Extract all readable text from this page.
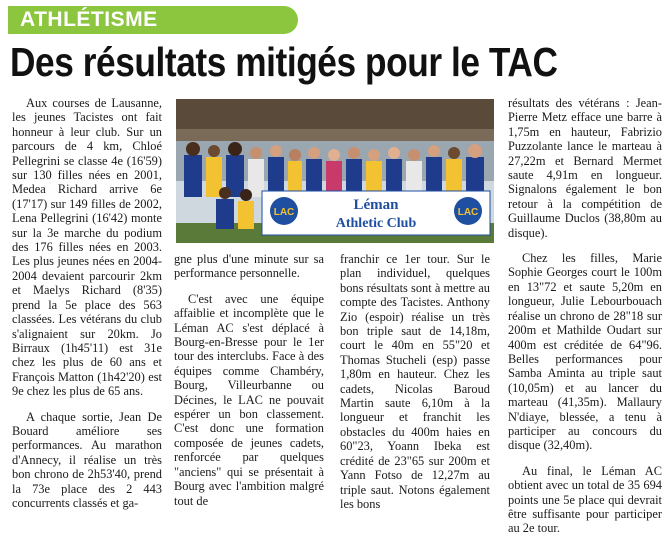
ATHLÉTISME
Des résultats mitigés pour le TAC

Aux courses de Lausanne, les jeunes Tacistes ont fait honneur à leur club. Sur un parcours de 4 km, Chloé Pellegrini se classe 4e (16'59) sur 130 filles nées en 2001, Medea Richard arrive 6e (17'17) sur 149 filles de 2002, Lena Pellegrini (16'42) monte sur la 3e marche du podium des 176 filles nées en 2003. Les plus jeunes nées en 2004-2004 devaient parcourir 2km et Maelys Richard (8'35) prend la 5e place des 563 classées. Les vétérans du club s'alignaient sur 20km. Jo Birraux (1h45'11) est 31e chez les plus de 60 ans et François Matton (1h42'20) est 9e chez les plus de 65 ans.

A chaque sortie, Jean De Bouard améliore ses performances. Au marathon d'Annecy, il réalise un très bon chrono de 2h53'40, prend la 73e place des 2 443 concurrents classés et ga-

LAC	LAC
Léman
Athletic Club

gne plus d'une minute sur sa performance personnelle.

C'est avec une équipe affaiblie et incomplète que le Léman AC s'est déplacé à Bourg-en-Bresse pour le 1er tour des interclubs. Face à des équipes comme Chambéry, Bourg, Villeurbanne ou Décines, le LAC ne pouvait espérer un bon classement. C'est donc une formation composée de jeunes cadets, renforcée par quelques "anciens" qui se présentait à Bourg avec l'ambition malgré tout de

franchir ce 1er tour. Sur le plan individuel, quelques bons résultats sont à mettre au compte des Tacistes. Anthony Zio (espoir) réalise un très bon triple saut de 14,18m, court le 40m en 55"20 et Thomas Stucheli (esp) passe 1,80m en hauteur. Chez les cadets, Nicolas Baroud Martin saute 6,10m à la longueur et franchit les obstacles du 400m haies en 60"23, Yoann Ibeka est crédité de 23"65 sur 200m et Yann Fotso de 12,27m au triple saut. Notons également les bons

résultats des vétérans : Jean-Pierre Metz efface une barre à 1,75m en hauteur, Fabrizio Puzzolante lance le marteau à 27,22m et Bernard Mermet saute 4,91m en longueur. Signalons également le bon retour à la compétition de Guillaume Duclos (38,80m au disque).

Chez les filles, Marie Sophie Georges court le 100m en 13"72 et saute 5,20m en longueur, Julie Lebourbouach réalise un chrono de 28"18 sur 200m et Mathilde Oudart sur 400m est créditée de 64"96. Belles performances pour Samba Aminta au triple saut (10,05m) et au lancer du marteau (41,35m). Mallaury N'diaye, blessée, a tenu à participer au concours du disque (32,40m).

Au final, le Léman AC obtient avec un total de 35 694 points une 5e place qui devrait être suffisante pour participer au 2e tour.
